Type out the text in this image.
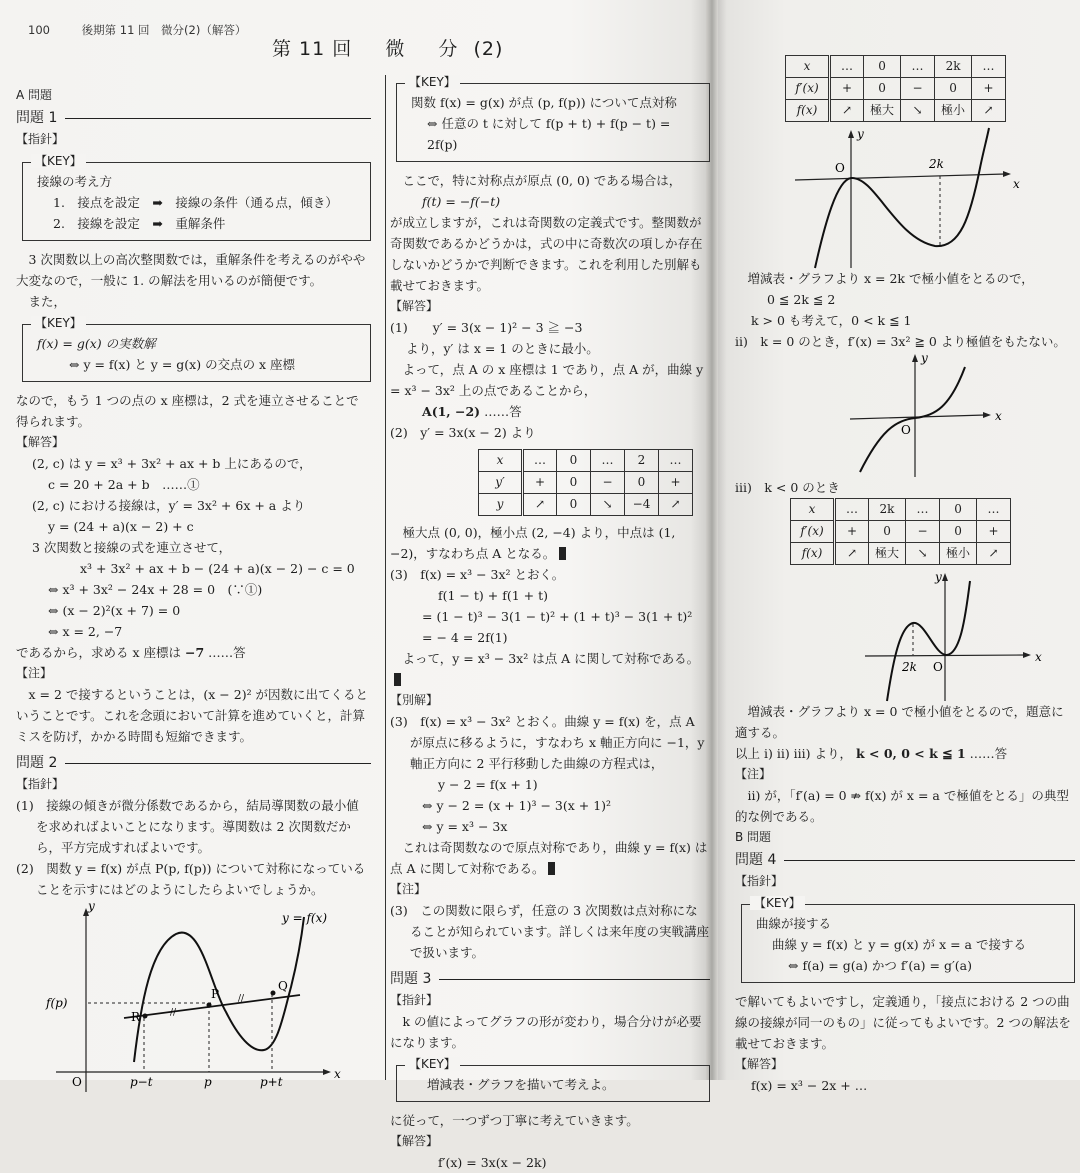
100	後期第 11 回　微分(2)（解答）
第 11 回 微 分 (2)
A 問題
問題 1
【指針】
【KEY】
接線の考え方
1.　接点を設定　➡　接線の条件（通る点，傾き）
2.　接線を設定　➡　重解条件
3 次関数以上の高次整関数では，重解条件を考えるのがやや大変なので，一般に 1. の解法を用いるのが簡便です。
また，
【KEY】
f(x) = g(x) の実数解
⇔ y = f(x) と y = g(x) の交点の x 座標
なので，もう 1 つの点の x 座標は，2 式を連立させることで得られます。
【解答】
(2, c) は y = x³ + 3x² + ax + b 上にあるので，
c = 20 + 2a + b　……①
(2, c) における接線は，y′ = 3x² + 6x + a より
y = (24 + a)(x − 2) + c
3 次関数と接線の式を連立させて，
x³ + 3x² + ax + b − (24 + a)(x − 2) − c = 0
⇔ x³ + 3x² − 24x + 28 = 0　(∵①)
⇔ (x − 2)²(x + 7) = 0
⇔ x = 2, −7
であるから，求める x 座標は −7 ……答
【注】
x = 2 で接するということは，(x − 2)² が因数に出てくるということです。これを念頭において計算を進めていくと，計算ミスを防げ，かかる時間も短縮できます。
問題 2
【指針】
(1)　接線の傾きが微分係数であるから，結局導関数の最小値を求めればよいことになります。導関数は 2 次関数だから，平方完成すればよいです。
(2)　関数 y = f(x) が点 P(p, f(p)) について対称になっていることを示すにはどのようにしたらよいでしょうか。
//
//
y
x
O
y = f(x)
f(p)
R
P
Q
p−t	p	p+t
【KEY】
関数 f(x) = g(x) が点 (p, f(p)) について点対称
⇔ 任意の t に対して f(p + t) + f(p − t) = 2f(p)
ここで，特に対称点が原点 (0, 0) である場合は，
f(t) = −f(−t)
が成立しますが，これは奇関数の定義式です。整関数が奇関数であるかどうかは，式の中に奇数次の項しか存在しないかどうかで判断できます。これを利用した別解も載せておきます。
【解答】
(1)　　y′ = 3(x − 1)² − 3 ≧ −3
より，y′ は x = 1 のときに最小。
よって，点 A の x 座標は 1 であり，点 A が，曲線 y = x³ − 3x² 上の点であることから，
A(1, −2) ……答
(2)　y′ = 3x(x − 2) より
x	…	0	…	2	…
y′	+	0	−	0	+
y	↗	0	↘	−4	↗
極大点 (0, 0)，極小点 (2, −4) より，中点は (1, −2)，すなわち点 A となる。
(3)　f(x) = x³ − 3x² とおく。
f(1 − t) + f(1 + t)
= (1 − t)³ − 3(1 − t)² + (1 + t)³ − 3(1 + t)²
= − 4 = 2f(1)
よって，y = x³ − 3x² は点 A に関して対称である。
【別解】
(3)　f(x) = x³ − 3x² とおく。曲線 y = f(x) を，点 A が原点に移るように，すなわち x 軸正方向に −1，y 軸正方向に 2 平行移動した曲線の方程式は，
y − 2 = f(x + 1)
⇔ y − 2 = (x + 1)³ − 3(x + 1)²
⇔ y = x³ − 3x
これは奇関数なので原点対称であり，曲線 y = f(x) は点 A に関して対称である。
【注】
(3)　この関数に限らず，任意の 3 次関数は点対称になることが知られています。詳しくは来年度の実戦講座で扱います。
問題 3
【指針】
k の値によってグラフの形が変わり，場合分けが必要になります。
【KEY】
増減表・グラフを描いて考えよ。
に従って，一つずつ丁寧に考えていきます。
【解答】
f′(x) = 3x(x − 2k)
x	…	0	…	2k	…
f′(x)	+	0	−	0	+
f(x)	↗	極大	↘	極小	↗
y
x
O	2k
増減表・グラフより x = 2k で極小値をとるので，
0 ≦ 2k ≦ 2
k > 0 も考えて，0 < k ≦ 1
ii)　k = 0 のとき，f′(x) = 3x² ≧ 0 より極値をもたない。
y
x
O
iii)　k < 0 のとき
x	…	2k	…	0	…
f′(x)	+	0	−	0	+
f(x)	↗	極大	↘	極小	↗
y
x
O
2k
増減表・グラフより x = 0 で極小値をとるので，題意に適する。
以上 i) ii) iii) より， k < 0, 0 < k ≦ 1 ……答
【注】
ii) が，「f′(a) = 0 ⇏ f(x) が x = a で極値をとる」の典型的な例である。
B 問題
問題 4
【指針】
【KEY】
曲線が接する
曲線 y = f(x) と y = g(x) が x = a で接する
⇔ f(a) = g(a) かつ f′(a) = g′(a)
で解いてもよいですし，定義通り，「接点における 2 つの曲線の接線が同一のもの」に従ってもよいです。2 つの解法を載せておきます。
【解答】
f(x) = x³ − 2x + …
